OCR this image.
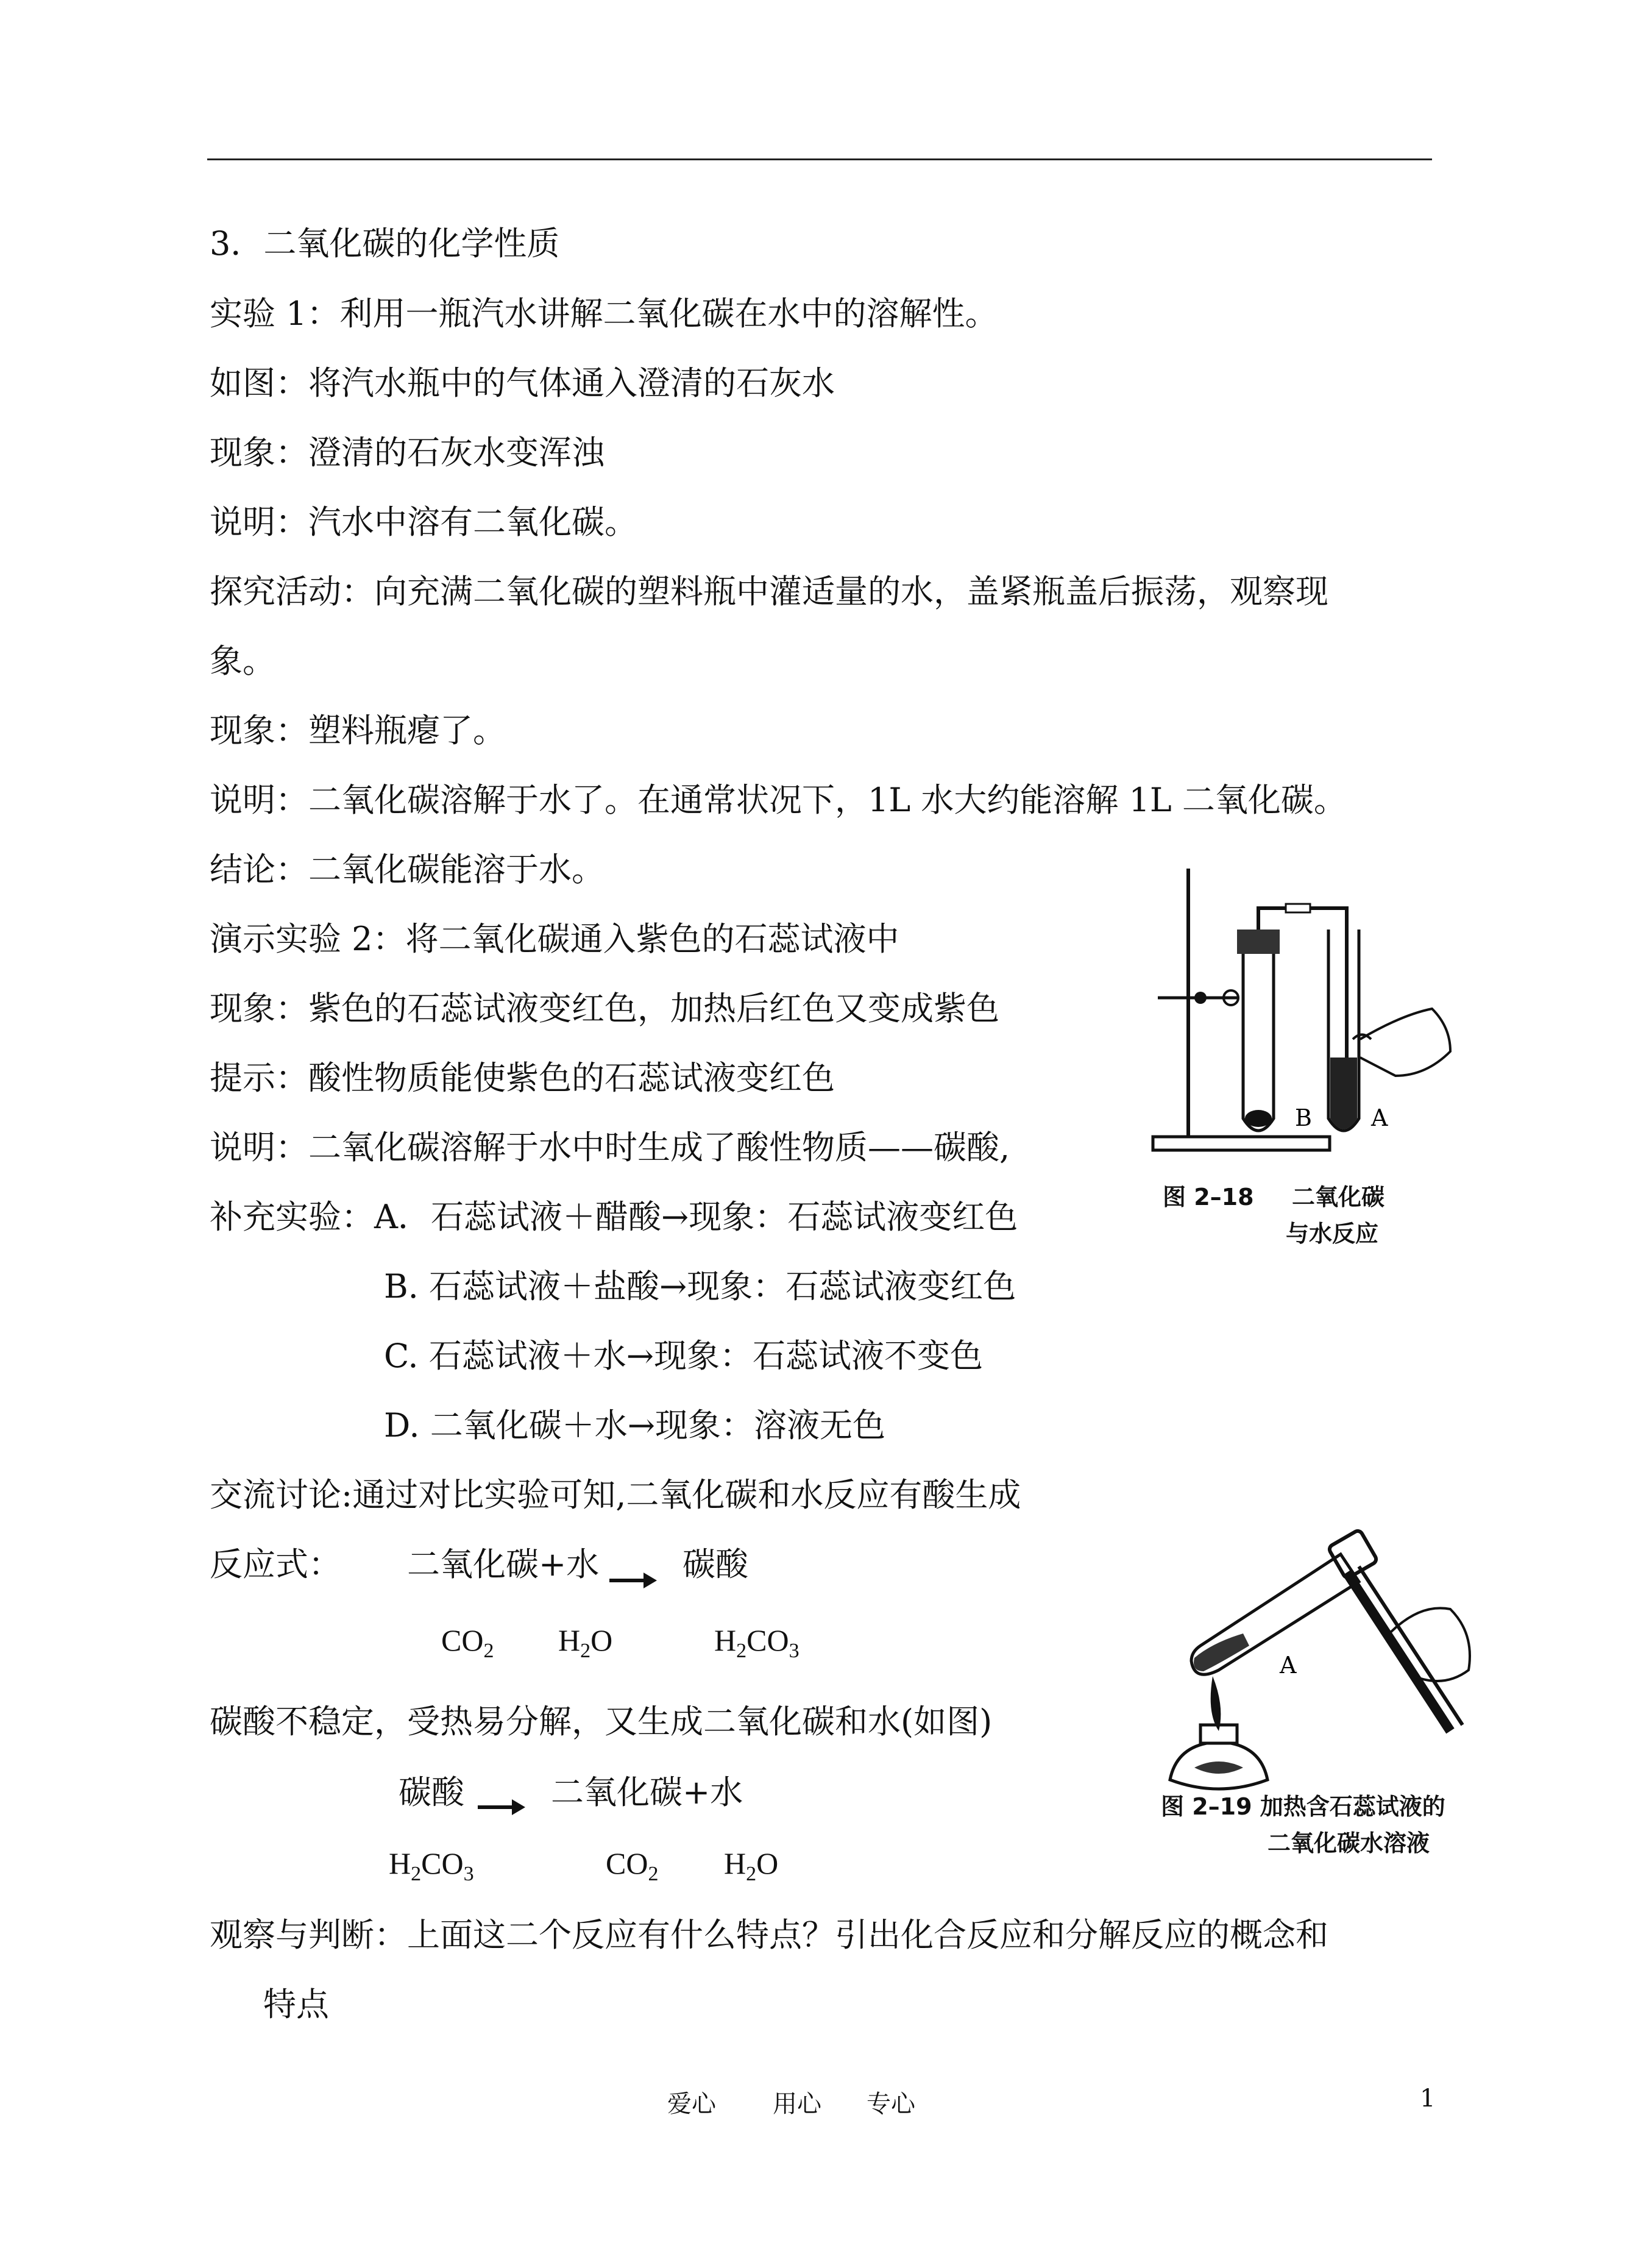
3．二氧化碳的化学性质
实验 1：利用一瓶汽水讲解二氧化碳在水中的溶解性。
如图：将汽水瓶中的气体通入澄清的石灰水
现象：澄清的石灰水变浑浊
说明：汽水中溶有二氧化碳。
探究活动：向充满二氧化碳的塑料瓶中灌适量的水，盖紧瓶盖后振荡，观察现
象。
现象：塑料瓶瘪了。
说明：二氧化碳溶解于水了。在通常状况下，1L 水大约能溶解 1L 二氧化碳。
结论：二氧化碳能溶于水。
演示实验 2：将二氧化碳通入紫色的石蕊试液中
现象：紫色的石蕊试液变红色，加热后红色又变成紫色
提示：酸性物质能使紫色的石蕊试液变红色
说明：二氧化碳溶解于水中时生成了酸性物质——碳酸,
补充实验：A．石蕊试液＋醋酸→现象：石蕊试液变红色
B. 石蕊试液＋盐酸→现象：石蕊试液变红色
C. 石蕊试液＋水→现象：石蕊试液不变色
D. 二氧化碳＋水→现象：溶液无色
交流讨论:通过对比实验可知,二氧化碳和水反应有酸生成
反应式： 二氧化碳+水	碳酸
$CO_2$ $H_2O$	$H_2CO_3$
碳酸不稳定，受热易分解，又生成二氧化碳和水(如图)
碳酸	二氧化碳+水
$H_2CO_3$	$CO_2$ $H_2O$
观察与判断：上面这二个反应有什么特点？引出化合反应和分解反应的概念和
特点
B	A
图 2–18 二氧化碳
与水反应
A
图 2–19 加热含石蕊试液的
二氧化碳水溶液
爱心 用心 专心	1
